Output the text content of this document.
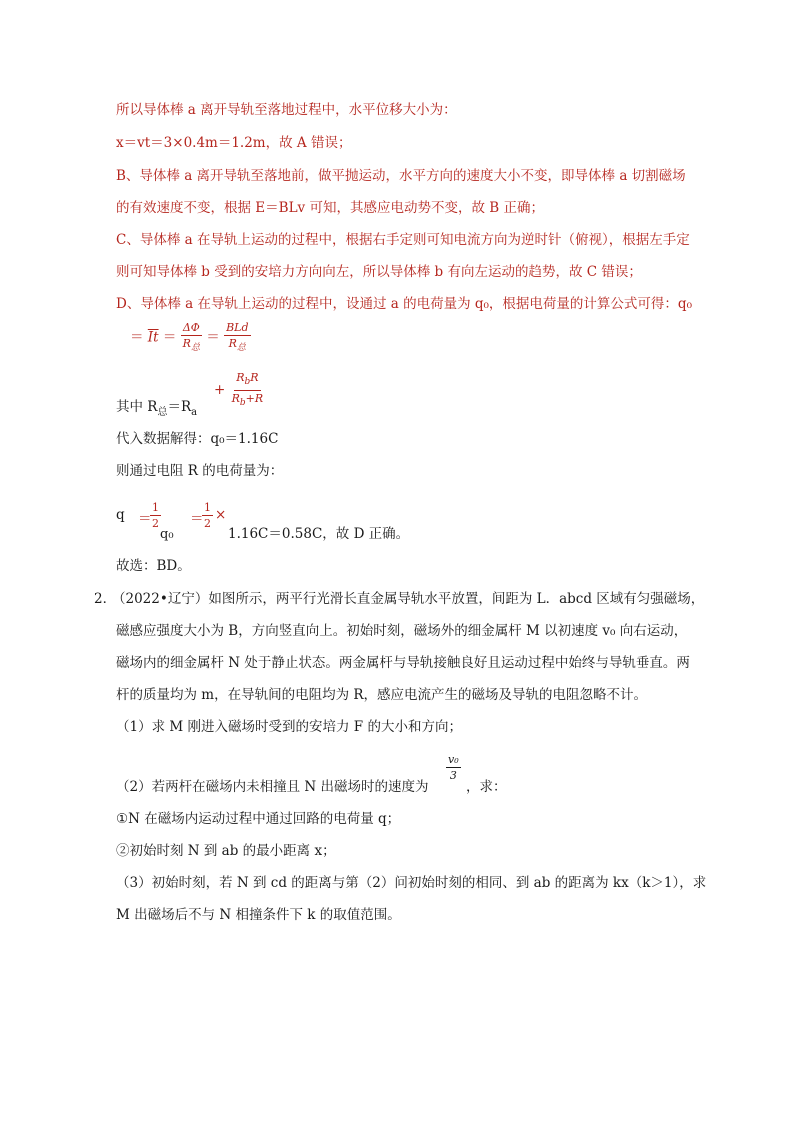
所以导体棒 a 离开导轨至落地过程中，水平位移大小为：
x＝vt＝3×0.4m＝1.2m，故 A 错误；
B、导体棒 a 离开导轨至落地前，做平抛运动，水平方向的速度大小不变，即导体棒 a 切割磁场
的有效速度不变，根据 E＝BLv 可知，其感应电动势不变，故 B 正确；
C、导体棒 a 在导轨上运动的过程中，根据右手定则可知电流方向为逆时针（俯视），根据左手定
则可知导体棒 b 受到的安培力方向向左，所以导体棒 b 有向左运动的趋势，故 C 错误；
D、导体棒 a 在导轨上运动的过程中，设通过 a 的电荷量为 q₀，根据电荷量的计算公式可得：q₀
＝ $\overline{It} = \frac{\Delta\Phi}{R_总} = \frac{\text{BLd}}{R_总}$
+ $\frac{R_bR}{R_b+R}$
其中 $R_总=R_a$
代入数据解得：q₀＝1.16C
则通过电阻 R 的电荷量为：
q ＝
$\frac{1}{2}$
q₀
＝
$\frac{1}{2}$ ×
1.16C＝0.58C，故 D 正确。
故选：BD。
2．
（2022•辽宁）如图所示，两平行光滑长直金属导轨水平放置，间距为 L．abcd 区域有匀强磁场，
磁感应强度大小为 B，方向竖直向上。初始时刻，磁场外的细金属杆 M 以初速度 v₀ 向右运动，
磁场内的细金属杆 N 处于静止状态。两金属杆与导轨接触良好且运动过程中始终与导轨垂直。两
杆的质量均为 m，在导轨间的电阻均为 R，感应电流产生的磁场及导轨的电阻忽略不计。
（1）求 M 刚进入磁场时受到的安培力 F 的大小和方向；
（2）若两杆在磁场内未相撞且 N 出磁场时的速度为
$\frac{\text{v₀}}{3}$
，求：
①N 在磁场内运动过程中通过回路的电荷量 q；
②初始时刻 N 到 ab 的最小距离 x；
（3）初始时刻，若 N 到 cd 的距离与第（2）问初始时刻的相同、到 ab 的距离为 kx（k＞1），求
M 出磁场后不与 N 相撞条件下 k 的取值范围。
